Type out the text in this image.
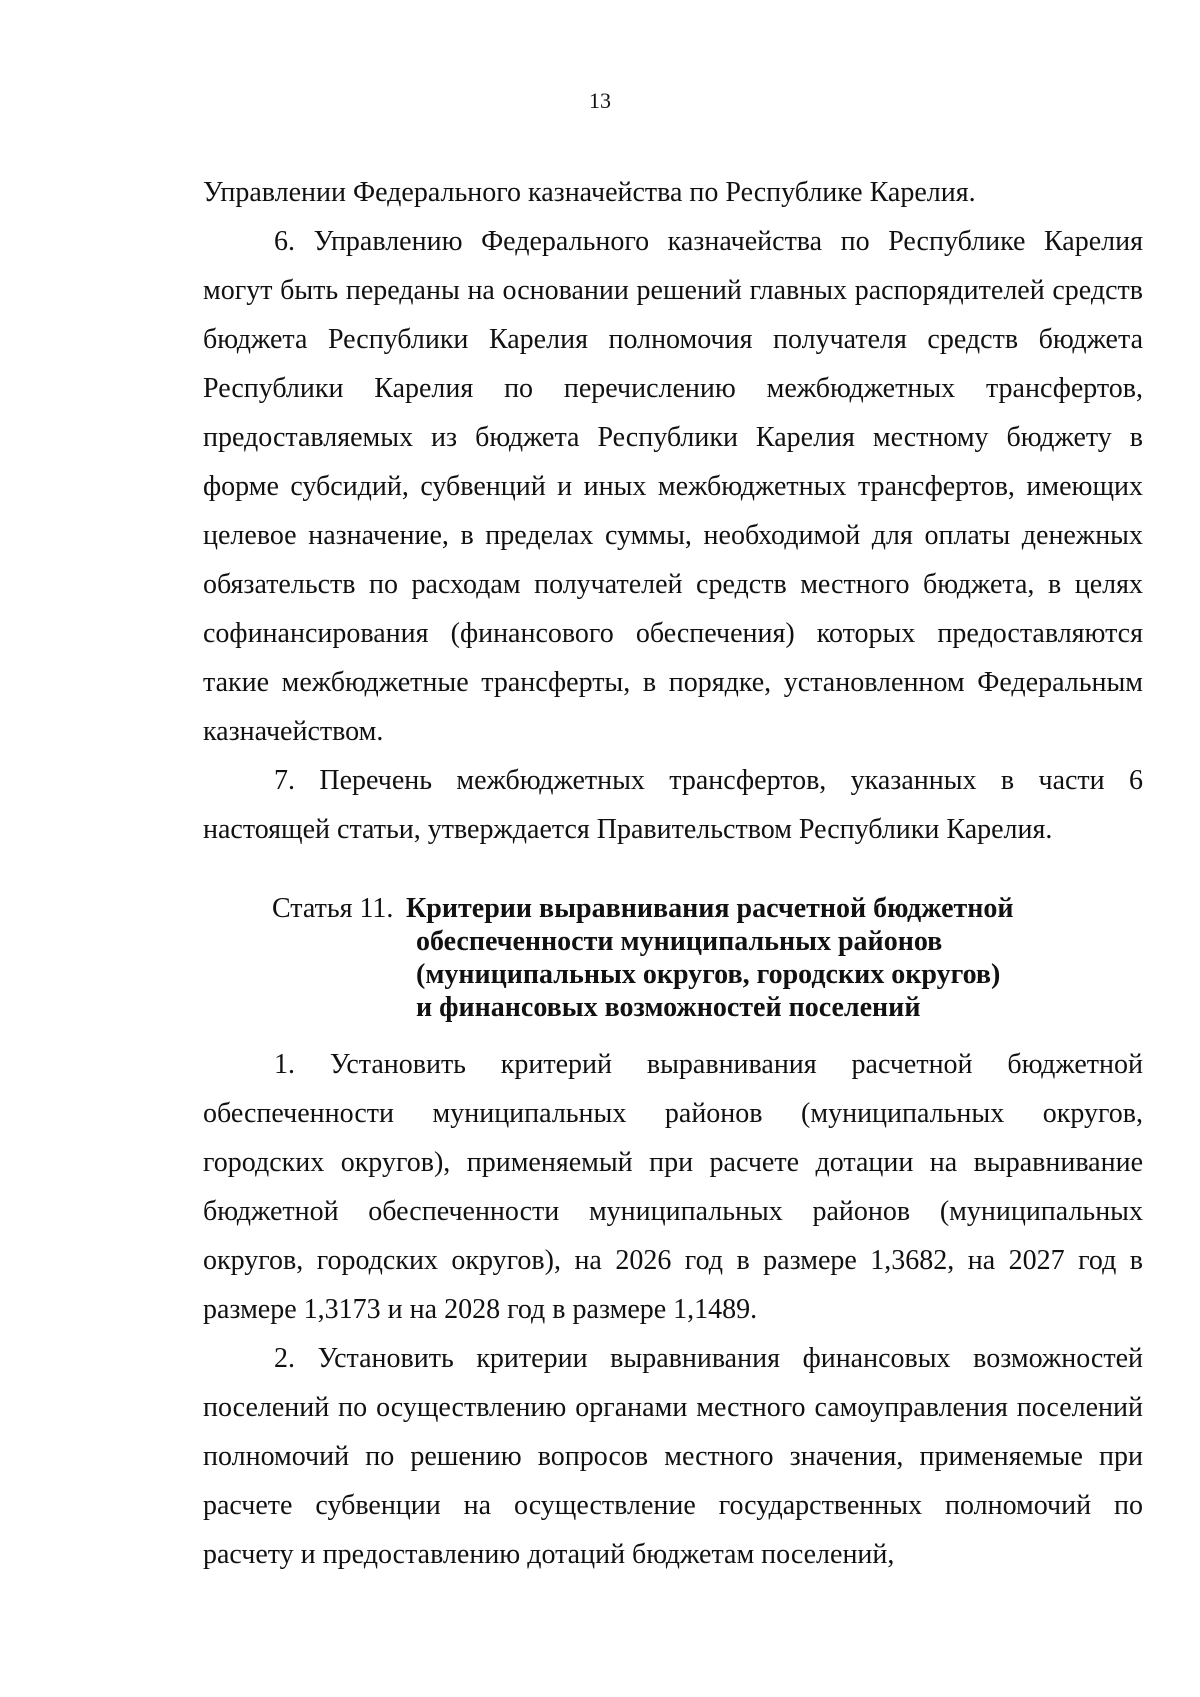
13

Управлении Федерального казначейства по Республике Карелия.

6. Управлению Федерального казначейства по Республике Карелия могут быть переданы на основании решений главных распорядителей средств бюджета Республики Карелия полномочия получателя средств бюджета Республики Карелия по перечислению межбюджетных трансфертов, предоставляемых из бюджета Республики Карелия местному бюджету в форме субсидий, субвенций и иных межбюджетных трансфертов, имеющих целевое назначение, в пределах суммы, необходимой для оплаты денежных обязательств по расходам получателей средств местного бюджета, в целях софинансирования (финансового обеспечения) которых предоставляются такие межбюджетные трансферты, в порядке, установленном Федеральным казначейством.

7. Перечень межбюджетных трансфертов, указанных в части 6 настоящей статьи, утверждается Правительством Республики Карелия.

Статья 11. Критерии выравнивания расчетной бюджетной
обеспеченности муниципальных районов
(муниципальных округов, городских округов)
и финансовых возможностей поселений

1. Установить критерий выравнивания расчетной бюджетной обеспеченности муниципальных районов (муниципальных округов, городских округов), применяемый при расчете дотации на выравнивание бюджетной обеспеченности муниципальных районов (муниципальных округов, городских округов), на 2026 год в размере 1,3682, на 2027 год в размере 1,3173 и на 2028 год в размере 1,1489.

2. Установить критерии выравнивания финансовых возможностей поселений по осуществлению органами местного самоуправления поселений полномочий по решению вопросов местного значения, применяемые при расчете субвенции на осуществление государственных полномочий по расчету и предоставлению дотаций бюджетам поселений,
